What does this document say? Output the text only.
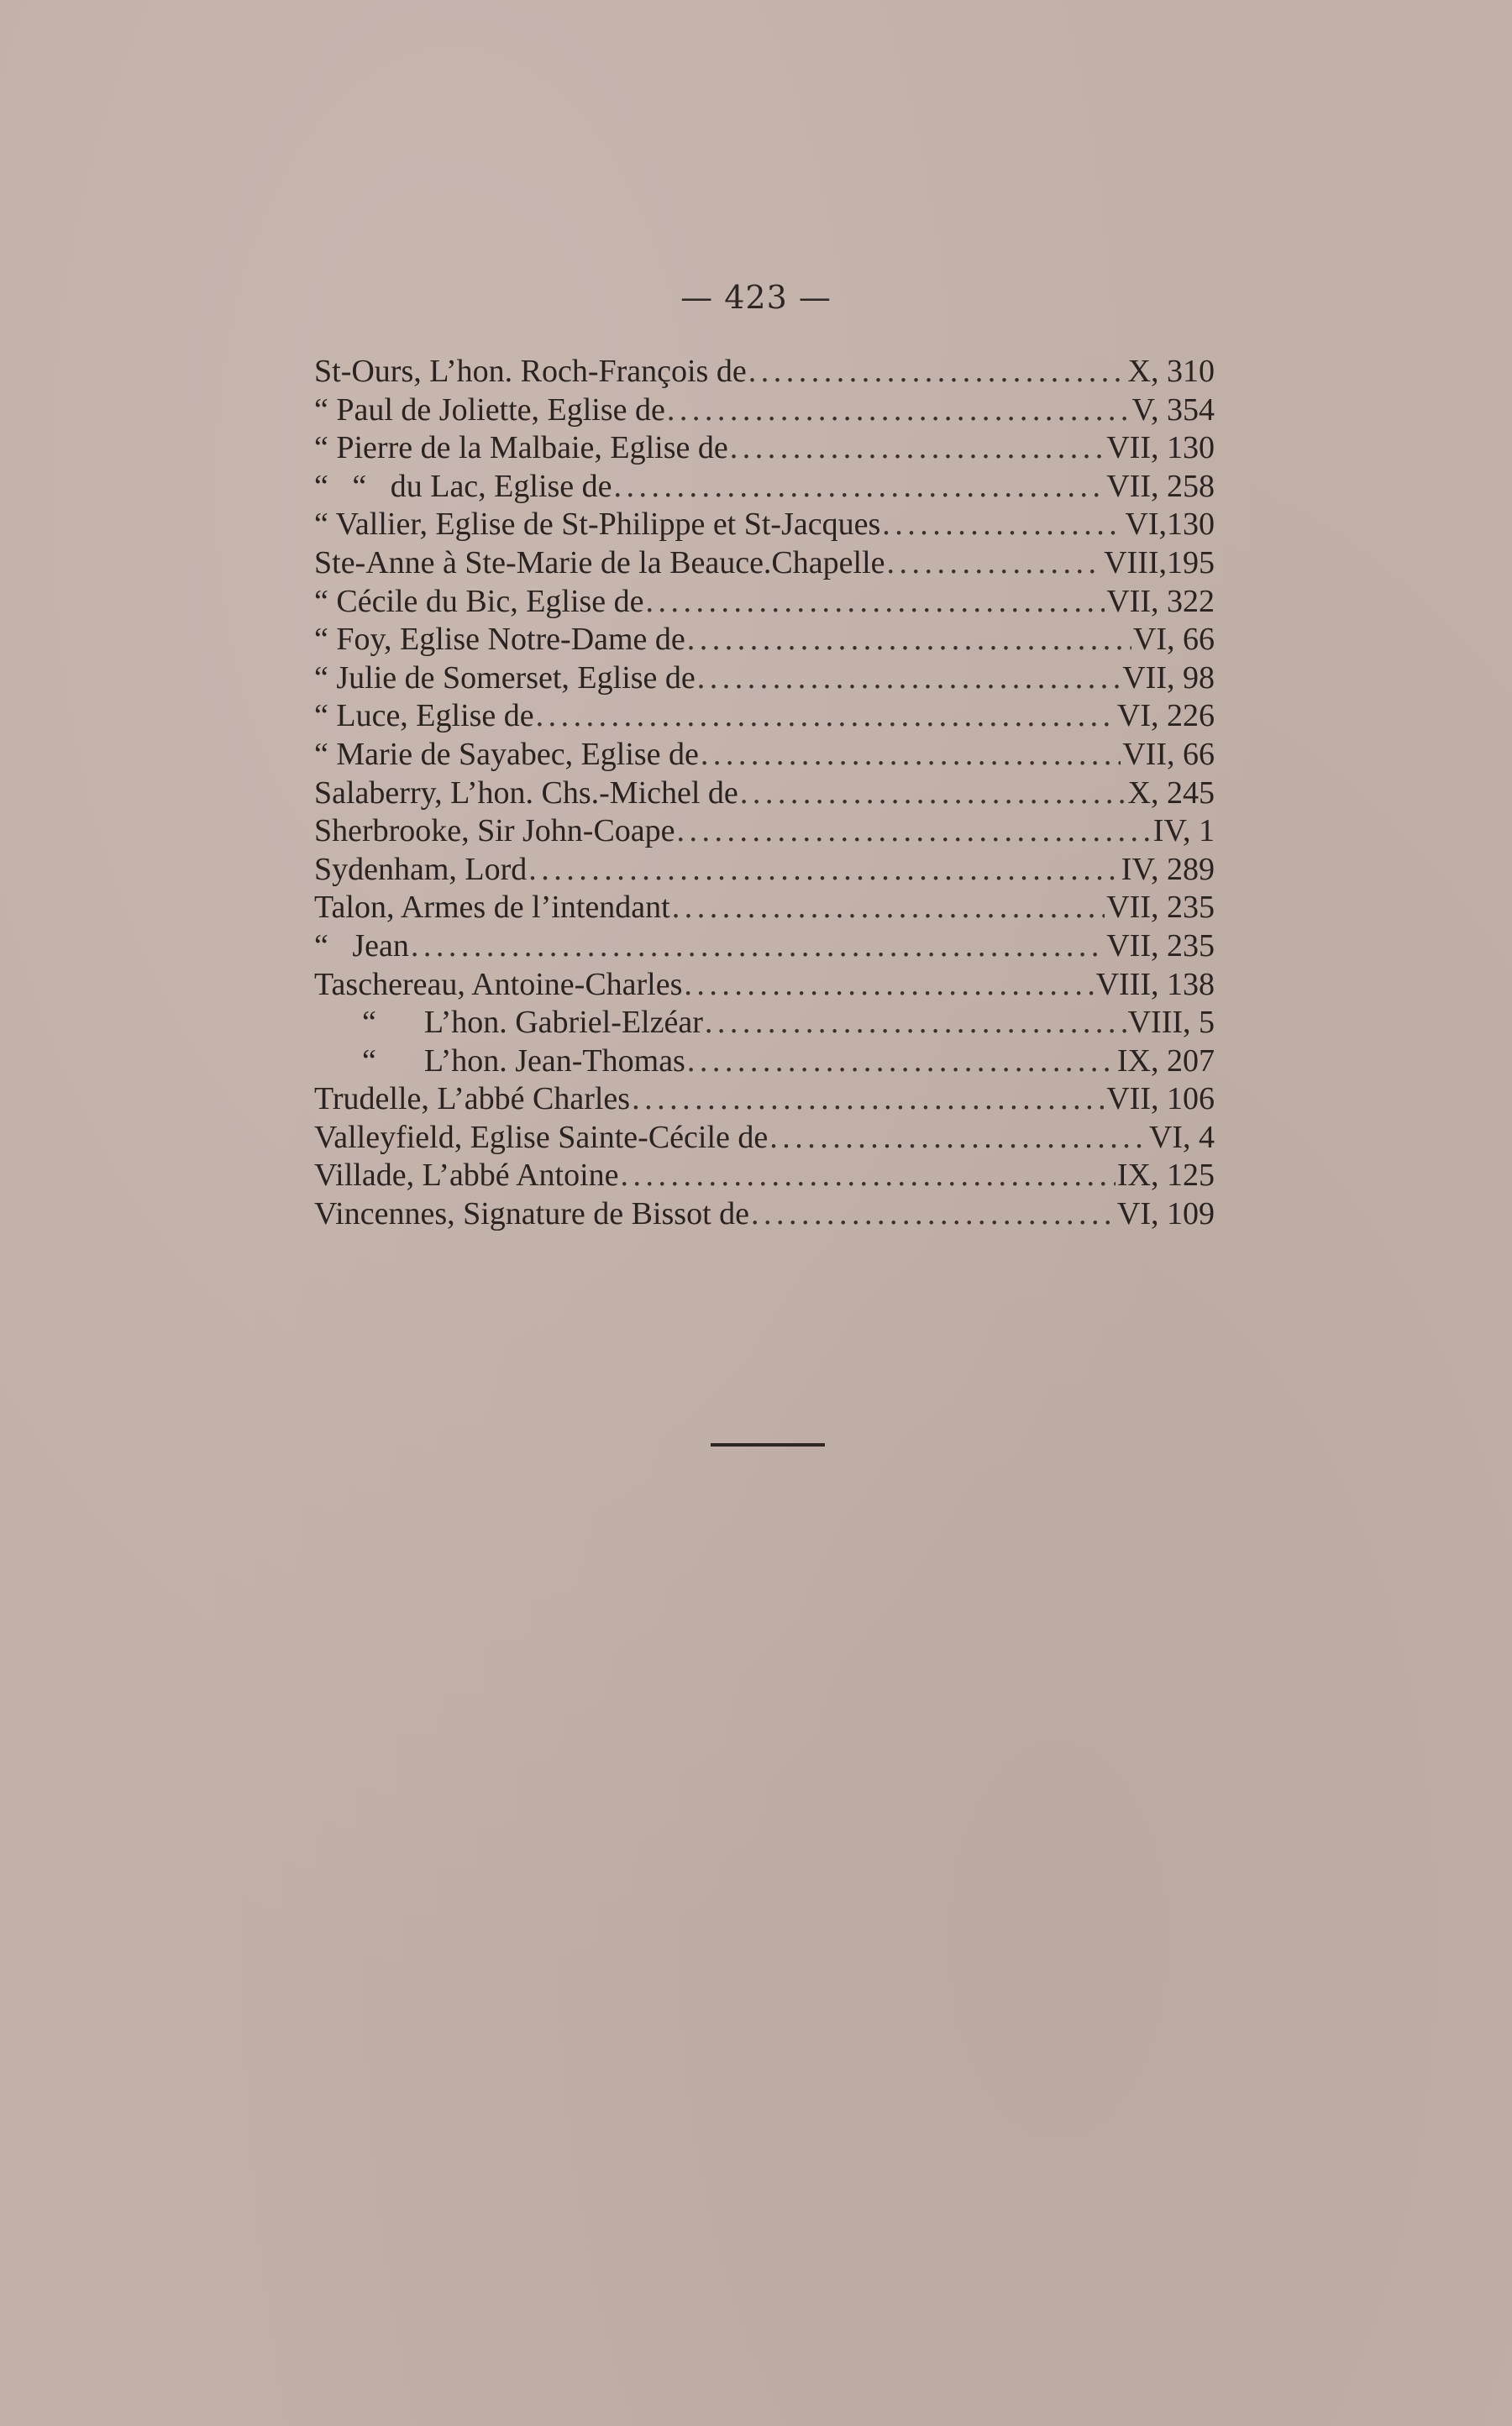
— 423 —
St-Ours, L’hon. Roch-François de . . .	X, 310
“ Paul de Joliette, Eglise de . . .	V, 354
“ Pierre de la Malbaie, Eglise de . . .	VII, 130
“   “   du Lac, Eglise de . . .	VII, 258
“ Vallier, Eglise de St-Philippe et St-Jacques . . .	VI,130
Ste-Anne à Ste-Marie de la Beauce.Chapelle . . .	VIII,195
“ Cécile du Bic, Eglise de . . .	VII, 322
“ Foy, Eglise Notre-Dame de . . .	VI, 66
“ Julie de Somerset, Eglise de . . .	VII, 98
“ Luce, Eglise de . . .	VI, 226
“ Marie de Sayabec, Eglise de . . .	VII, 66
Salaberry, L’hon. Chs.-Michel de . . .	X, 245
Sherbrooke, Sir John-Coape . . .	IV, 1
Sydenham, Lord . . .	IV, 289
Talon, Armes de l’intendant . . .	VII, 235
“   Jean . . .	VII, 235
Taschereau, Antoine-Charles . . .	VIII, 138
“      L’hon. Gabriel-Elzéar . . .	VIII, 5
“      L’hon. Jean-Thomas . . .	IX, 207
Trudelle, L’abbé Charles . . .	VII, 106
Valleyfield, Eglise Sainte-Cécile de . . .	VI, 4
Villade, L’abbé Antoine . . .	IX, 125
Vincennes, Signature de Bissot de . . .	VI, 109
